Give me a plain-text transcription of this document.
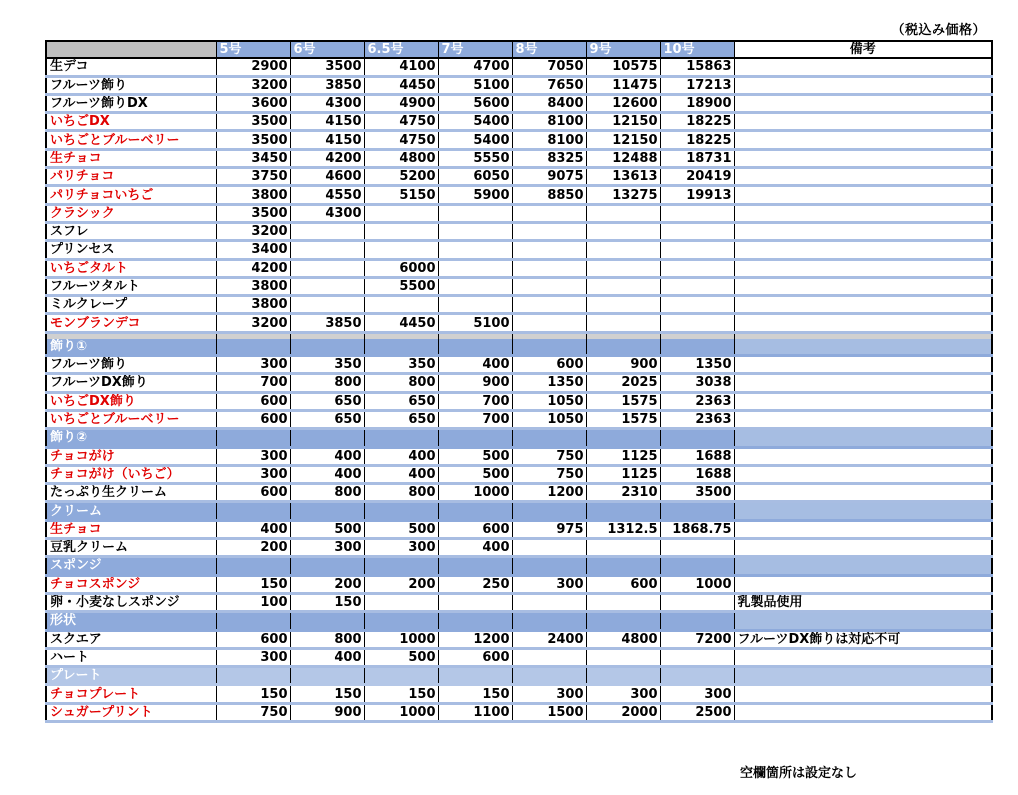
（税込み価格）

	5号	6号	6.5号	7号	8号	9号	10号	備考
生デコ	2900	3500	4100	4700	7050	10575	15863	
フルーツ飾り	3200	3850	4450	5100	7650	11475	17213	
フルーツ飾りDX	3600	4300	4900	5600	8400	12600	18900	
いちごDX	3500	4150	4750	5400	8100	12150	18225	
いちごとブルーベリー	3500	4150	4750	5400	8100	12150	18225	
生チョコ	3450	4200	4800	5550	8325	12488	18731	
パリチョコ	3750	4600	5200	6050	9075	13613	20419	
パリチョコいちご	3800	4550	5150	5900	8850	13275	19913	
クラシック	3500	4300						
スフレ	3200							
プリンセス	3400							
いちごタルト	4200		6000					
フルーツタルト	3800		5500					
ミルクレープ	3800							
モンブランデコ	3200	3850	4450	5100				

飾り①								
フルーツ飾り	300	350	350	400	600	900	1350	
フルーツDX飾り	700	800	800	900	1350	2025	3038	
いちごDX飾り	600	650	650	700	1050	1575	2363	
いちごとブルーベリー	600	650	650	700	1050	1575	2363	
飾り②								
チョコがけ	300	400	400	500	750	1125	1688	
チョコがけ（いちご）	300	400	400	500	750	1125	1688	
たっぷり生クリーム	600	800	800	1000	1200	2310	3500	
クリーム								
生チョコ	400	500	500	600	975	1312.5	1868.75	
豆乳クリーム	200	300	300	400				
スポンジ								
チョコスポンジ	150	200	200	250	300	600	1000	
卵・小麦なしスポンジ	100	150						乳製品使用
形状								
スクエア	600	800	1000	1200	2400	4800	7200	フルーツDX飾りは対応不可
ハート	300	400	500	600				
プレート								
チョコプレート	150	150	150	150	300	300	300	
シュガープリント	750	900	1000	1100	1500	2000	2500	

空欄箇所は設定なし
